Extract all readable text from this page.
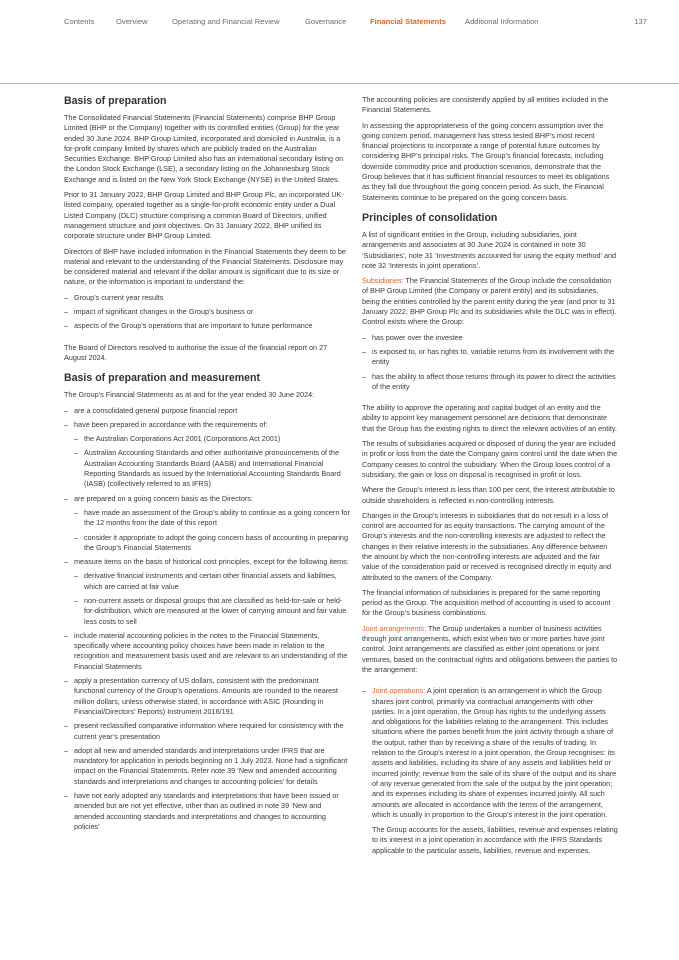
Contents	Overview	Operating and Financial Review	Governance	Financial Statements	Additional Information	137
Basis of preparation

The Consolidated Financial Statements (Financial Statements) comprise BHP Group Limited (BHP or the Company) together with its controlled entities (Group) for the year ended 30 June 2024. BHP Group Limited, incorporated and domiciled in Australia, is a for-profit company limited by shares which are publicly traded on the Australian Securities Exchange. BHP Group Limited also has an international secondary listing on the London Stock Exchange (LSE), a secondary listing on the Johannesburg Stock Exchange and is listed on the New York Stock Exchange (NYSE) in the United States.

Prior to 31 January 2022, BHP Group Limited and BHP Group Plc, an incorporated UK-listed company, operated together as a single-for-profit economic entity under a Dual Listed Company (DLC) structure comprising a common Board of Directors, unified management structure and joint objectives. On 31 January 2022, BHP unified its corporate structure under BHP Group Limited.

Directors of BHP have included information in the Financial Statements they deem to be material and relevant to the understanding of the Financial Statements. Disclosure may be considered material and relevant if the dollar amount is significant due to its size or nature, or the information is important to understand the:

– Group’s current year results
– impact of significant changes in the Group’s business or
– aspects of the Group’s operations that are important to future performance

The Board of Directors resolved to authorise the issue of the financial report on 27 August 2024.

Basis of preparation and measurement

The Group’s Financial Statements as at and for the year ended 30 June 2024:

– are a consolidated general purpose financial report
– have been prepared in accordance with the requirements of:
– the Australian Corporations Act 2001 (Corporations Act 2001)
– Australian Accounting Standards and other authoritative pronouncements of the Australian Accounting Standards Board (AASB) and International Financial Reporting Standards as issued by the International Accounting Standards Board (IASB) (collectively referred to as IFRS)
– are prepared on a going concern basis as the Directors:
– have made an assessment of the Group’s ability to continue as a going concern for the 12 months from the date of this report
– consider it appropriate to adopt the going concern basis of accounting in preparing the Group’s Financial Statements
– measure items on the basis of historical cost principles, except for the following items:
– derivative financial instruments and certain other financial assets and liabilities, which are carried at fair value
– non-current assets or disposal groups that are classified as held-for-sale or held-for-distribution, which are measured at the lower of carrying amount and fair value less costs to sell
– include material accounting policies in the notes to the Financial Statements, specifically where accounting policy choices have been made in relation to the recognition and measurement basis used and are relevant to an understanding of the Financial Statements
– apply a presentation currency of US dollars, consistent with the predominant functional currency of the Group’s operations. Amounts are rounded to the nearest million dollars, unless otherwise stated, in accordance with ASIC (Rounding in Financial/Directors’ Reports) Instrument 2016/191
– present reclassified comparative information where required for consistency with the current year’s presentation
– adopt all new and amended standards and interpretations under IFRS that are mandatory for application in periods beginning on 1 July 2023. None had a significant impact on the Financial Statements. Refer note 39 ‘New and amended accounting standards and interpretations and changes to accounting policies’ for details
– have not early adopted any standards and interpretations that have been issued or amended but are not yet effective, other than as outlined in note 39 ‘New and amended accounting standards and interpretations and changes to accounting policies’

The accounting policies are consistently applied by all entities included in the Financial Statements.

In assessing the appropriateness of the going concern assumption over the going concern period, management has stress tested BHP’s most recent financial projections to incorporate a range of potential future outcomes by considering BHP’s principal risks. The Group’s financial forecasts, including downside commodity price and production scenarios, demonstrate that the Group believes that it has sufficient financial resources to meet its obligations as they fall due throughout the going concern period. As such, the Financial Statements continue to be prepared on the going concern basis.

Principles of consolidation

A list of significant entities in the Group, including subsidiaries, joint arrangements and associates at 30 June 2024 is contained in note 30 ‘Subsidiaries’, note 31 ‘Investments accounted for using the equity method’ and note 32 ‘Interests in joint operations’.

Subsidiaries: The Financial Statements of the Group include the consolidation of BHP Group Limited (the Company or parent entity) and its subsidiaries, being the entities controlled by the parent entity during the year (and prior to 31 January 2022, BHP Group Plc and its subsidiaries while the DLC was in effect). Control exists where the Group:

– has power over the investee
– is exposed to, or has rights to, variable returns from its involvement with the entity
– has the ability to affect those returns through its power to direct the activities of the entity

The ability to approve the operating and capital budget of an entity and the ability to appoint key management personnel are decisions that demonstrate that the Group has the existing rights to direct the relevant activities of an entity.

The results of subsidiaries acquired or disposed of during the year are included in profit or loss from the date the Company gains control until the date when the Company ceases to control the subsidiary. When the Group loses control of a subsidiary, the gain or loss on disposal is recognised in profit or loss.

Where the Group’s interest is less than 100 per cent, the interest attributable to outside shareholders is reflected in non-controlling interests.

Changes in the Group’s interests in subsidiaries that do not result in a loss of control are accounted for as equity transactions. The carrying amount of the Group’s interests and the non-controlling interests are adjusted to reflect the changes in their relative interests in the subsidiaries. Any difference between the amount by which the non-controlling interests are adjusted and the fair value of the consideration paid or received is recognised directly in equity and attributed to the owners of the Company.

The financial information of subsidiaries is prepared for the same reporting period as the Group. The acquisition method of accounting is used to account for the Group’s business combinations.

Joint arrangements: The Group undertakes a number of business activities through joint arrangements, which exist when two or more parties have joint control. Joint arrangements are classified as either joint operations or joint ventures, based on the contractual rights and obligations between the parties to the arrangement:

– Joint operations: A joint operation is an arrangement in which the Group shares joint control, primarily via contractual arrangements with other parties. In a joint operation, the Group has rights to the underlying assets and obligations for the liabilities relating to the arrangement. This includes situations where the parties benefit from the joint activity through a share of the output, rather than by receiving a share of the results of trading. In relation to the Group’s interest in a joint operation, the Group recognises: its assets and liabilities, including its share of any assets and liabilities held or incurred jointly; revenue from the sale of its share of the output and its share of any revenue generated from the sale of the output by the joint operation; and its expenses including its share of expenses incurred jointly. All such amounts are allocated in accordance with the terms of the arrangement, which is usually in proportion to the Group’s interest in the joint operation.

The Group accounts for the assets, liabilities, revenue and expenses relating to its interest in a joint operation in accordance with the IFRS Standards applicable to the particular assets, liabilities, revenue and expenses.
